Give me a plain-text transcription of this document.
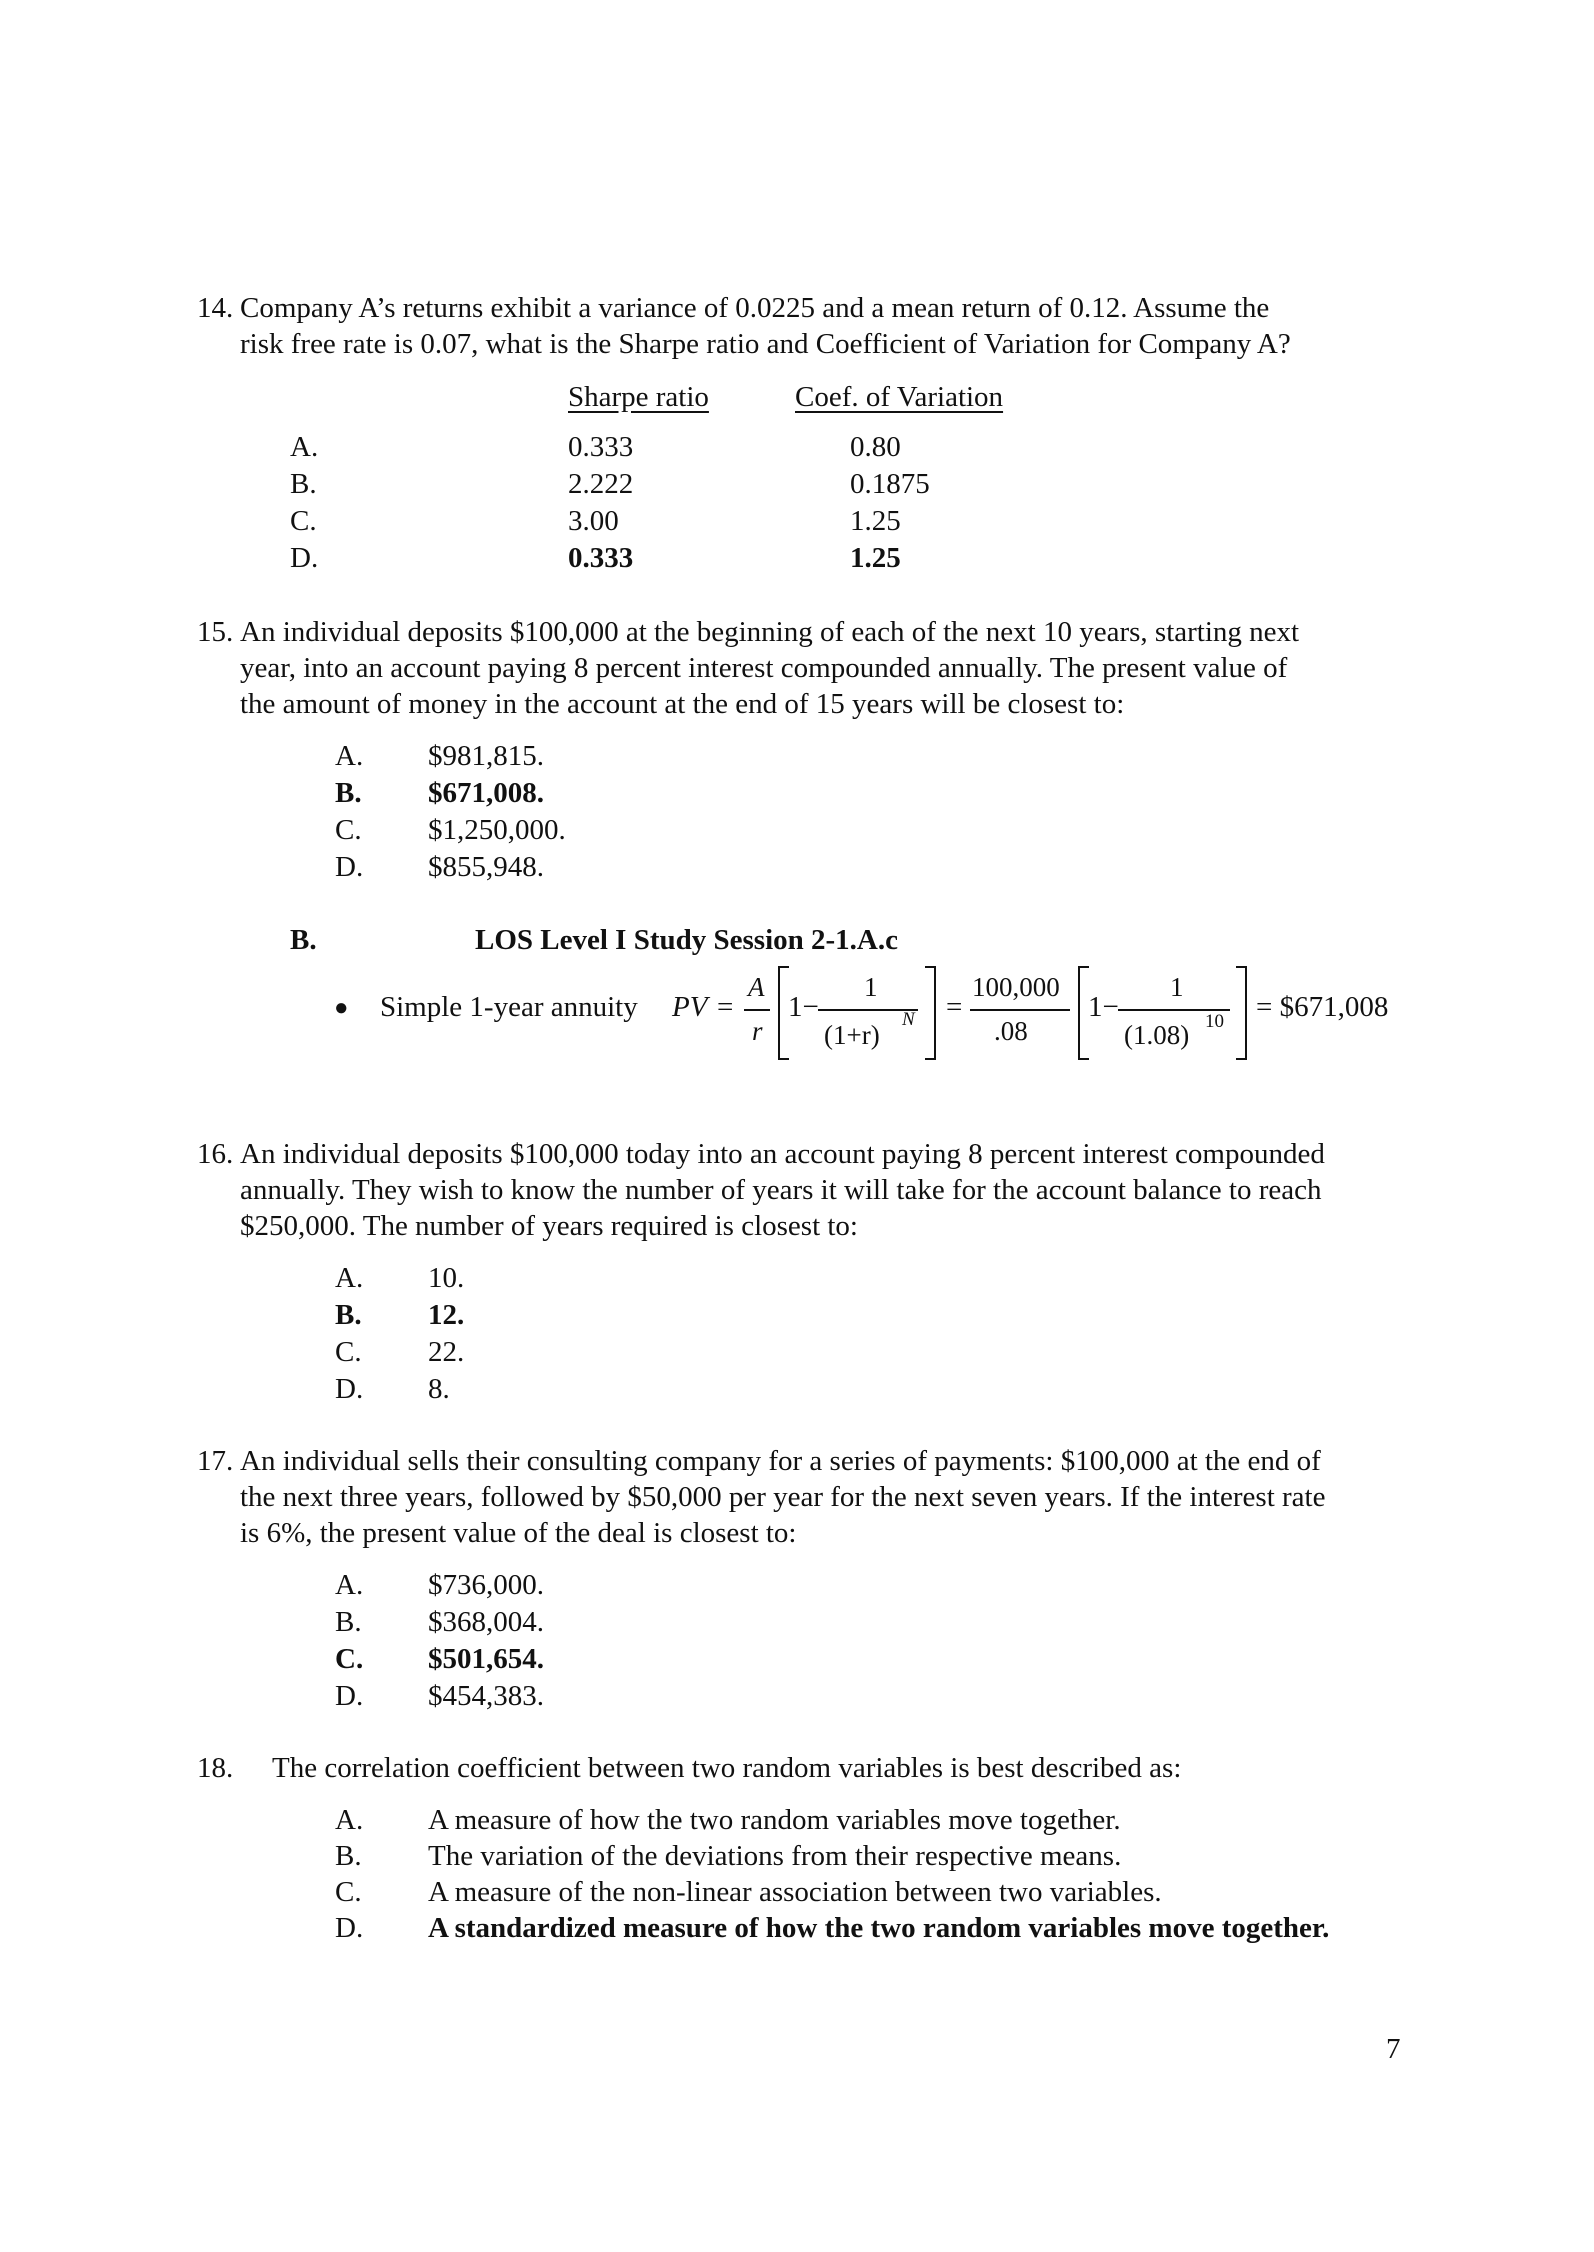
14. Company A’s returns exhibit a variance of 0.0225 and a mean return of 0.12. Assume the
risk free rate is 0.07, what is the Sharpe ratio and Coefficient of Variation for Company A?
Sharpe ratio	Coef. of Variation
A.	0.333	0.80
B.	2.222	0.1875
C.	3.00	1.25
D.	0.333	1.25
15. An individual deposits $100,000 at the beginning of each of the next 10 years, starting next
year, into an account paying 8 percent interest compounded annually. The present value of
the amount of money in the account at the end of 15 years will be closest to:
A. $981,815.
B. $671,008.
C. $1,250,000.
D. $855,948.
B.	LOS Level I Study Session 2-1.A.c
● Simple 1-year annuity PV =
A
r
1−
1
(1+r)
N =
100,000
.08
1−
1
(1.08) 10 = $671,008
16. An individual deposits $100,000 today into an account paying 8 percent interest compounded
annually. They wish to know the number of years it will take for the account balance to reach
$250,000. The number of years required is closest to:
A. 10.
B. 12.
C. 22.
D. 8.
17. An individual sells their consulting company for a series of payments: $100,000 at the end of
the next three years, followed by $50,000 per year for the next seven years. If the interest rate
is 6%, the present value of the deal is closest to:
A. $736,000.
B. $368,004.
C. $501,654.
D. $454,383.
18. The correlation coefficient between two random variables is best described as:
A. A measure of how the two random variables move together.
B. The variation of the deviations from their respective means.
C. A measure of the non-linear association between two variables.
D. A standardized measure of how the two random variables move together.
7
